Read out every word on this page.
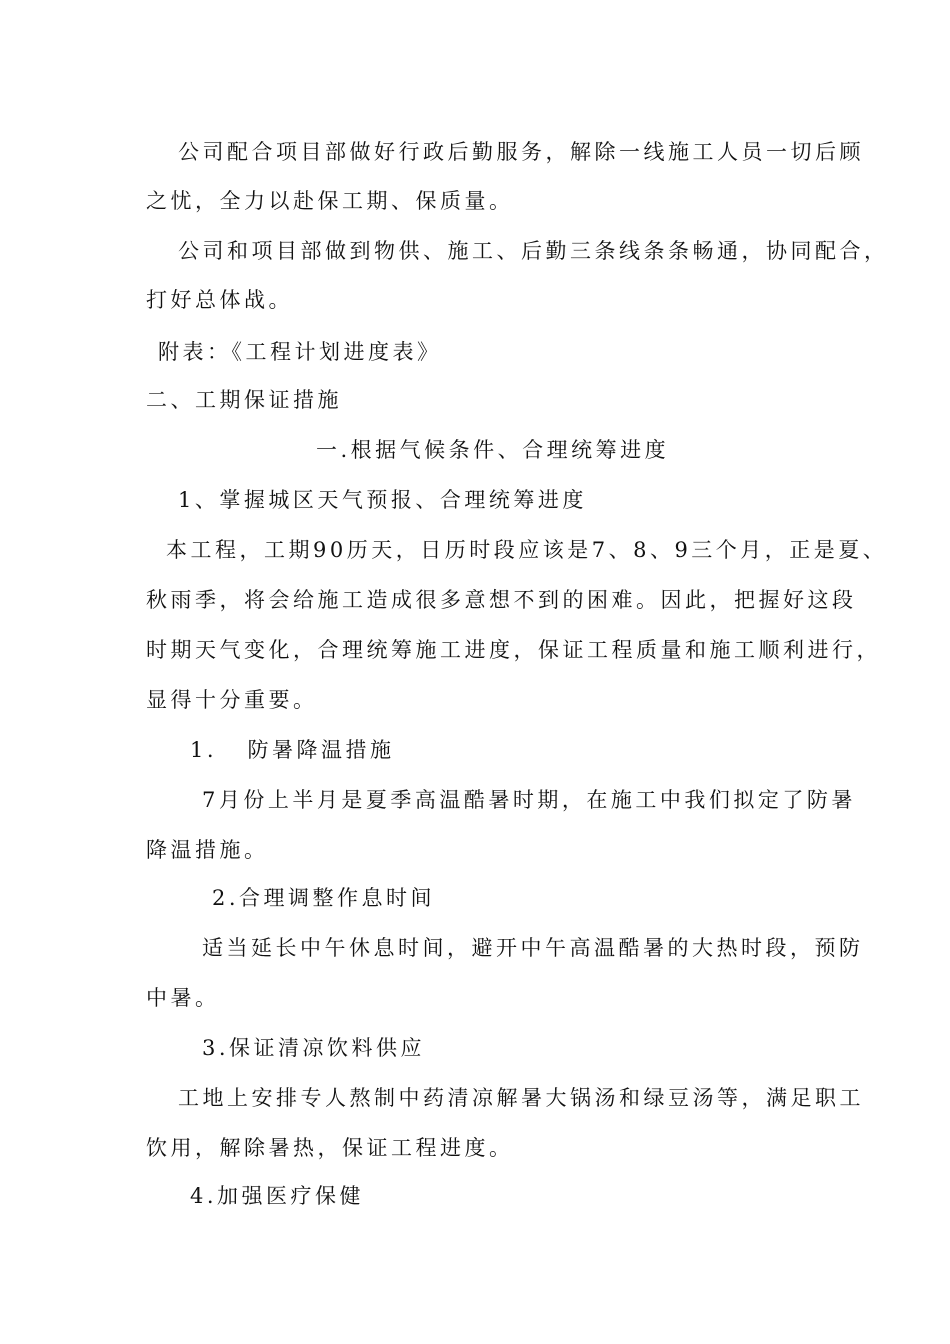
公司配合项目部做好行政后勤服务，解除一线施工人员一切后顾

之忧，全力以赴保工期、保质量。

公司和项目部做到物供、施工、后勤三条线条条畅通，协同配合，

打好总体战。

附表：《工程计划进度表》

二、工期保证措施

一.根据气候条件、合理统筹进度

1、掌握城区天气预报、合理统筹进度

本工程，工期90历天，日历时段应该是7、8、9三个月，正是夏、

秋雨季，将会给施工造成很多意想不到的困难。因此，把握好这段

时期天气变化，合理统筹施工进度，保证工程质量和施工顺利进行，

显得十分重要。

1.   防暑降温措施

7月份上半月是夏季高温酷暑时期，在施工中我们拟定了防暑

降温措施。

2.合理调整作息时间

适当延长中午休息时间，避开中午高温酷暑的大热时段，预防

中暑。

3.保证清凉饮料供应

工地上安排专人熬制中药清凉解暑大锅汤和绿豆汤等，满足职工

饮用，解除暑热，保证工程进度。

4.加强医疗保健
